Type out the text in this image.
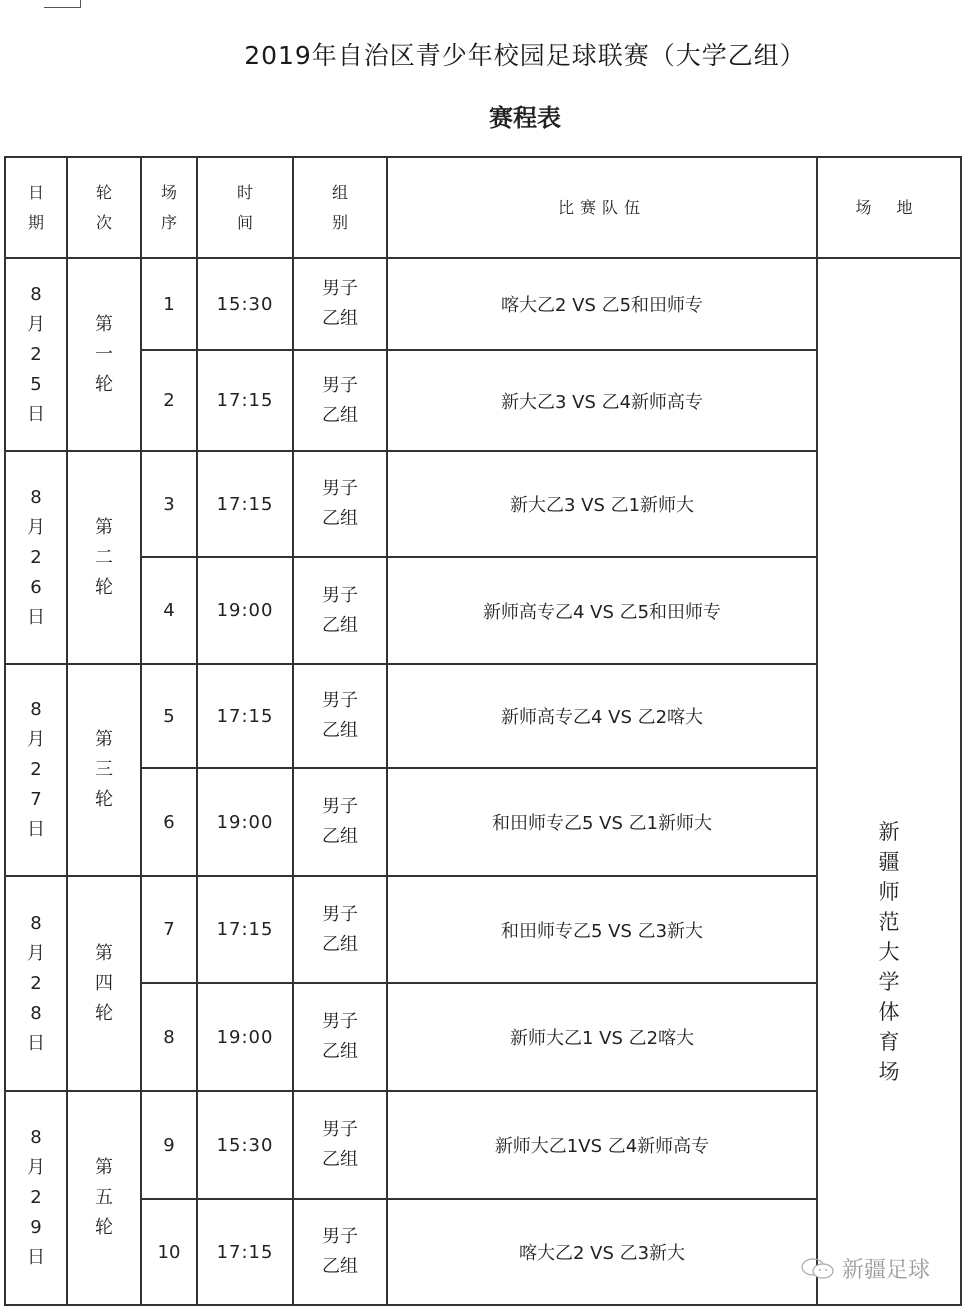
2019年自治区青少年校园足球联赛（大学乙组）
赛程表
日期	轮次	场序	时间	组别	比赛队伍	场 地
8月25日	第一轮	1	15:30	男子乙组	喀大乙2 VS 乙5和田师专	新疆师范大学体育场
		2	17:15	男子乙组	新大乙3 VS 乙4新师高专	
8月26日	第二轮	3	17:15	男子乙组	新大乙3 VS 乙1新师大	
		4	19:00	男子乙组	新师高专乙4 VS 乙5和田师专	
8月27日	第三轮	5	17:15	男子乙组	新师高专乙4 VS 乙2喀大	
		6	19:00	男子乙组	和田师专乙5 VS 乙1新师大	
8月28日	第四轮	7	17:15	男子乙组	和田师专乙5 VS 乙3新大	
		8	19:00	男子乙组	新师大乙1 VS 乙2喀大	
8月29日	第五轮	9	15:30	男子乙组	新师大乙1VS 乙4新师高专	
		10	17:15	男子乙组	喀大乙2 VS 乙3新大	
新疆足球
